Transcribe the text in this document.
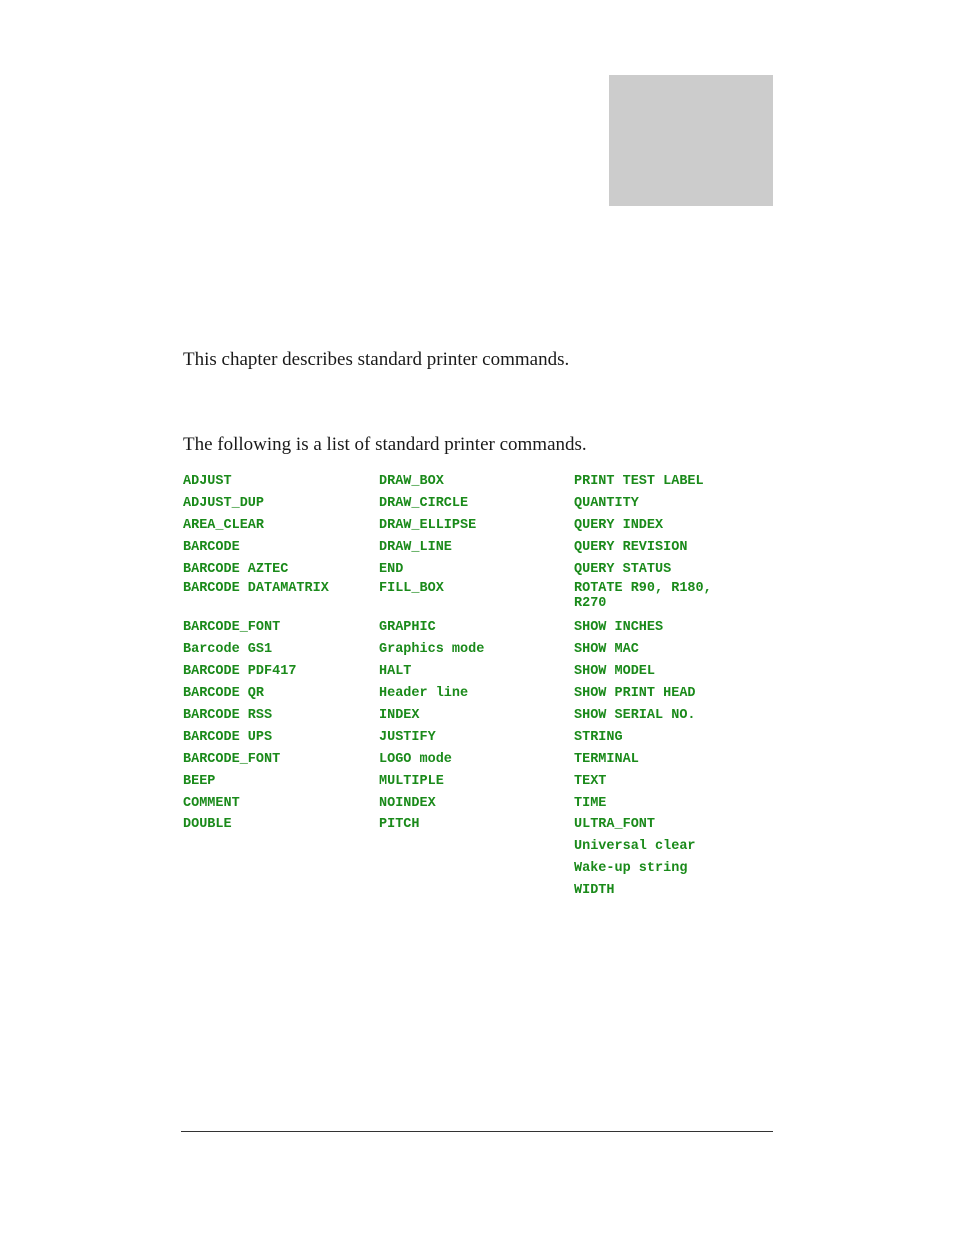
This chapter describes standard printer commands.

The following is a list of standard printer commands.

ADJUST
ADJUST_DUP
AREA_CLEAR
BARCODE
BARCODE AZTEC
BARCODE DATAMATRIX
BARCODE_FONT
Barcode GS1
BARCODE PDF417
BARCODE QR
BARCODE RSS
BARCODE UPS
BARCODE_FONT
BEEP
COMMENT
DOUBLE
DRAW_BOX
DRAW_CIRCLE
DRAW_ELLIPSE
DRAW_LINE
END
FILL_BOX
GRAPHIC
Graphics mode
HALT
Header line
INDEX
JUSTIFY
LOGO mode
MULTIPLE
NOINDEX
PITCH
PRINT TEST LABEL
QUANTITY
QUERY INDEX
QUERY REVISION
QUERY STATUS
ROTATE R90, R180,
R270
SHOW INCHES
SHOW MAC
SHOW MODEL
SHOW PRINT HEAD
SHOW SERIAL NO.
STRING
TERMINAL
TEXT
TIME
ULTRA_FONT
Universal clear
Wake-up string
WIDTH
